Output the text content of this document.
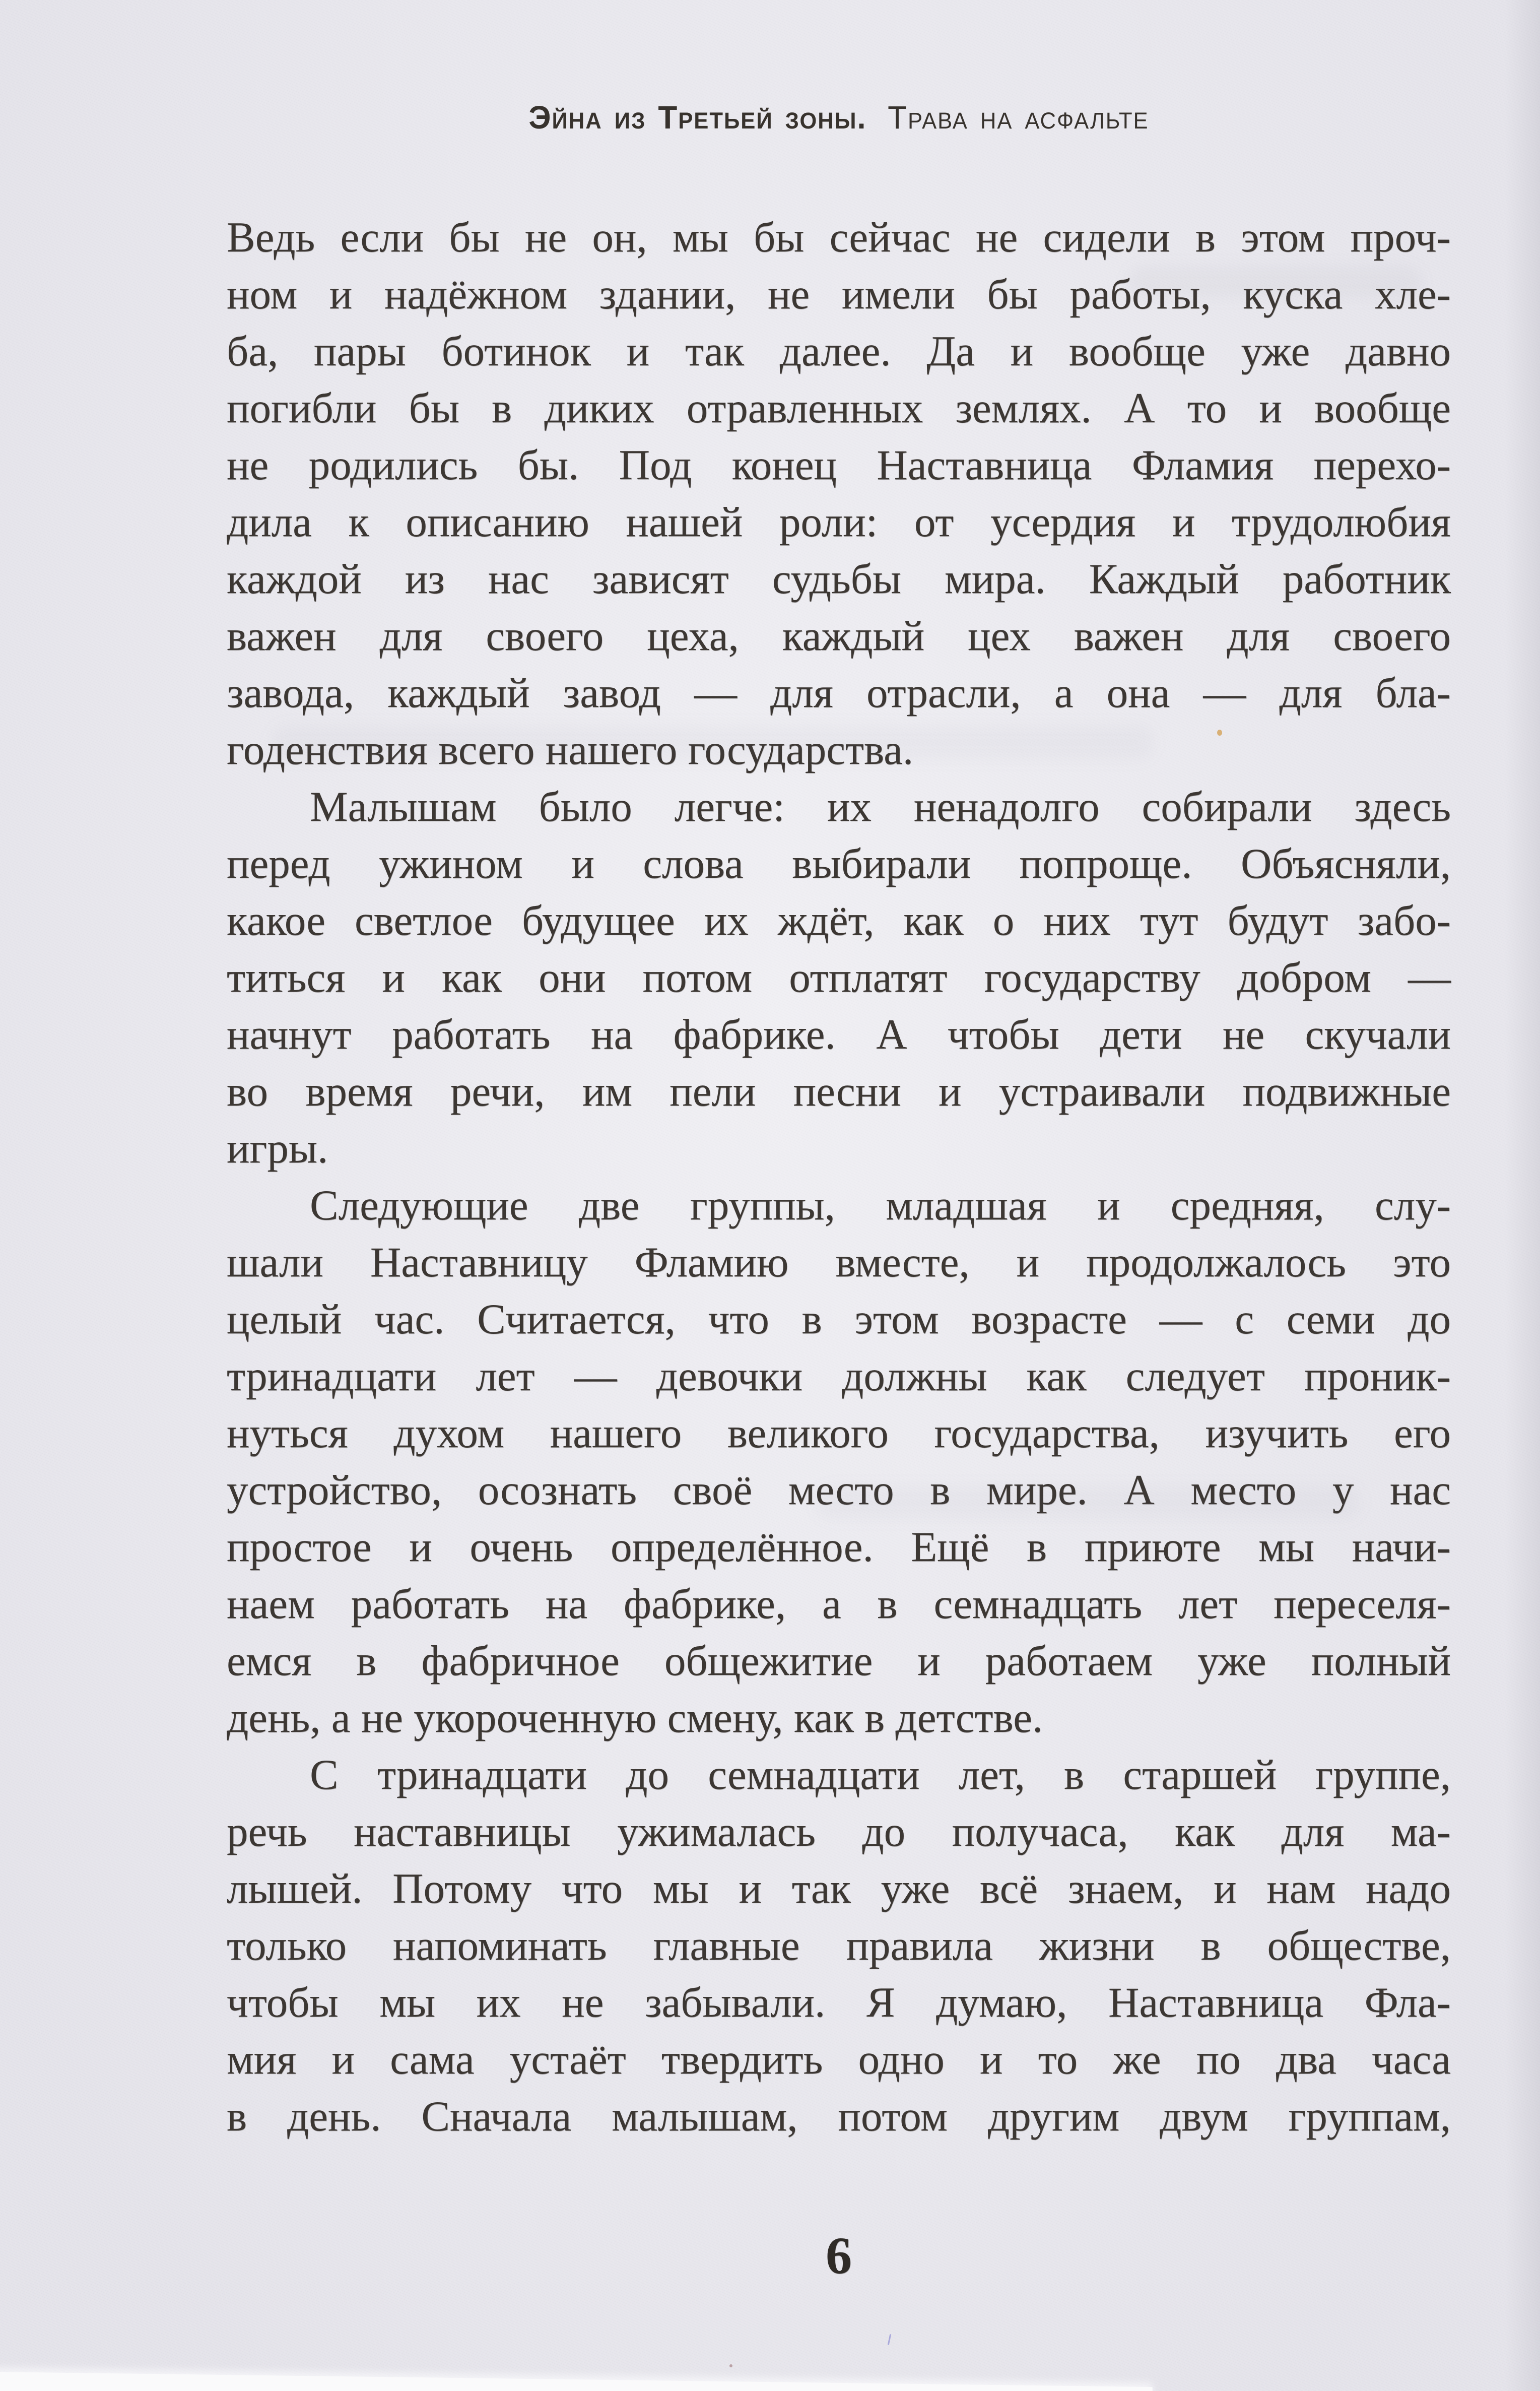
Эйна из Третьей зоны. Трава на асфальте
Ведь если бы не он, мы бы сейчас не сидели в этом проч-
ном и надёжном здании, не имели бы работы, куска хле-
ба, пары ботинок и так далее. Да и вообще уже давно
погибли бы в диких отравленных землях. А то и вообще
не родились бы. Под конец Наставница Фламия перехо-
дила к описанию нашей роли: от усердия и трудолюбия
каждой из нас зависят судьбы мира. Каждый работник
важен для своего цеха, каждый цех важен для своего
завода, каждый завод — для отрасли, а она — для бла-
годенствия всего нашего государства.
Малышам было легче: их ненадолго собирали здесь
перед ужином и слова выбирали попроще. Объясняли,
какое светлое будущее их ждёт, как о них тут будут забо-
титься и как они потом отплатят государству добром —
начнут работать на фабрике. А чтобы дети не скучали
во время речи, им пели песни и устраивали подвижные
игры.
Следующие две группы, младшая и средняя, слу-
шали Наставницу Фламию вместе, и продолжалось это
целый час. Считается, что в этом возрасте — с семи до
тринадцати лет — девочки должны как следует проник-
нуться духом нашего великого государства, изучить его
устройство, осознать своё место в мире. А место у нас
простое и очень определённое. Ещё в приюте мы начи-
наем работать на фабрике, а в семнадцать лет переселя-
емся в фабричное общежитие и работаем уже полный
день, а не укороченную смену, как в детстве.
С тринадцати до семнадцати лет, в старшей группе,
речь наставницы ужималась до получаса, как для ма-
лышей. Потому что мы и так уже всё знаем, и нам надо
только напоминать главные правила жизни в обществе,
чтобы мы их не забывали. Я думаю, Наставница Фла-
мия и сама устаёт твердить одно и то же по два часа
в день. Сначала малышам, потом другим двум группам,
6
